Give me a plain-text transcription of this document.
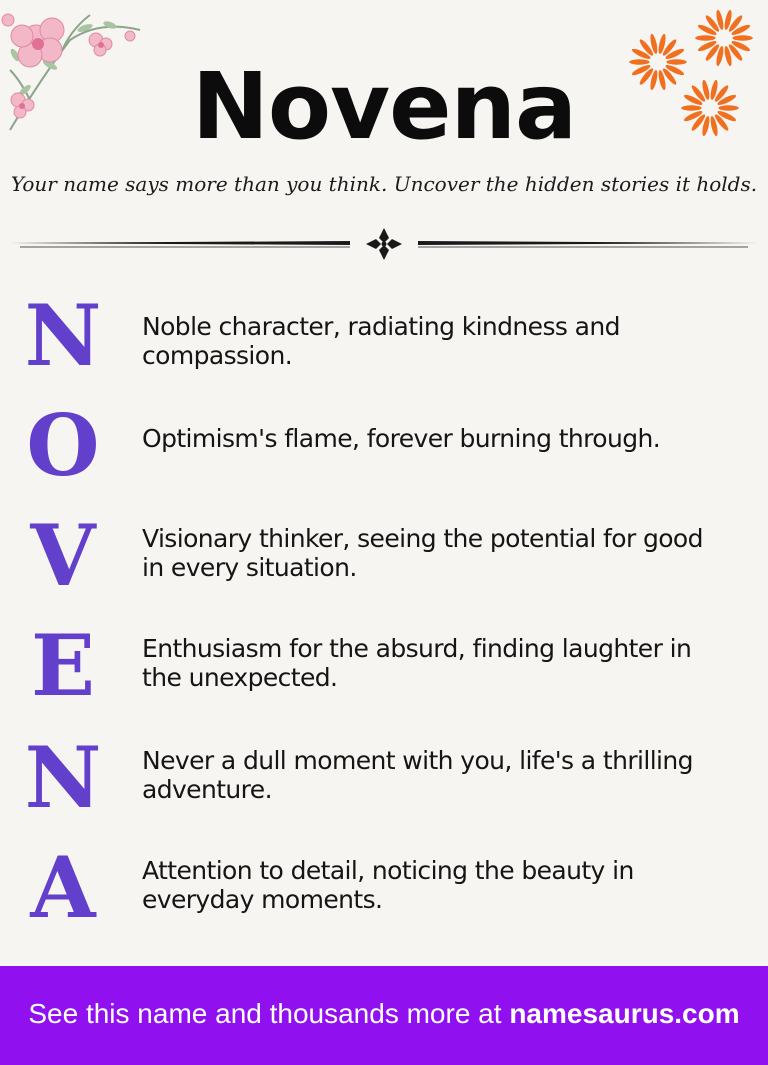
Novena
Your name says more than you think. Uncover the hidden stories it holds.
N Noble character, radiating kindness and compassion.
O	Optimism's flame, forever burning through.
V	Visionary thinker, seeing the potential for good in every situation.
E	Enthusiasm for the absurd, finding laughter in the unexpected.
N Never a dull moment with you, life's a thrilling adventure.
A	Attention to detail, noticing the beauty in everyday moments.
See this name and thousands more at namesaurus.com
